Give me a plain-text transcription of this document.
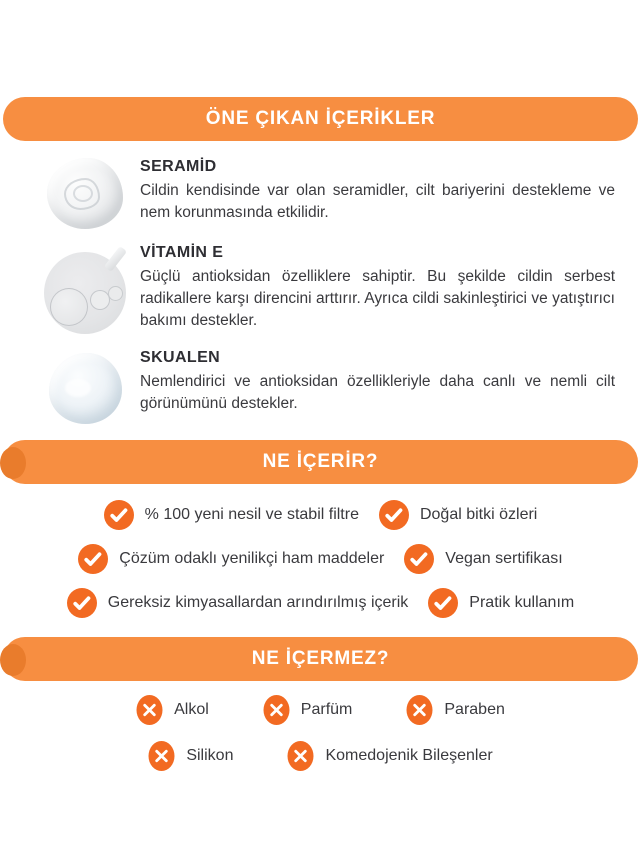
ÖNE ÇIKAN İÇERİKLER
SERAMİD

Cildin kendisinde var olan seramidler, cilt bariyerini destekleme ve nem korunmasında etkilidir.

VİTAMİN E

Güçlü antioksidan özelliklere sahiptir. Bu şekilde cildin serbest radikallere karşı direncini arttırır. Ayrıca cildi sakinleştirici ve yatıştırıcı bakımı destekler.

SKUALEN

Nemlendirici ve antioksidan özellikleriyle daha canlı ve nemli cilt görünümünü destekler.

NE İÇERİR?
% 100 yeni nesil ve stabil filtre	Doğal bitki özleri
Çözüm odaklı yenilikçi ham maddeler	Vegan sertifikası
Gereksiz kimyasallardan arındırılmış içerik	Pratik kullanım
NE İÇERMEZ?
Alkol	Parfüm	Paraben
Silikon	Komedojenik Bileşenler
